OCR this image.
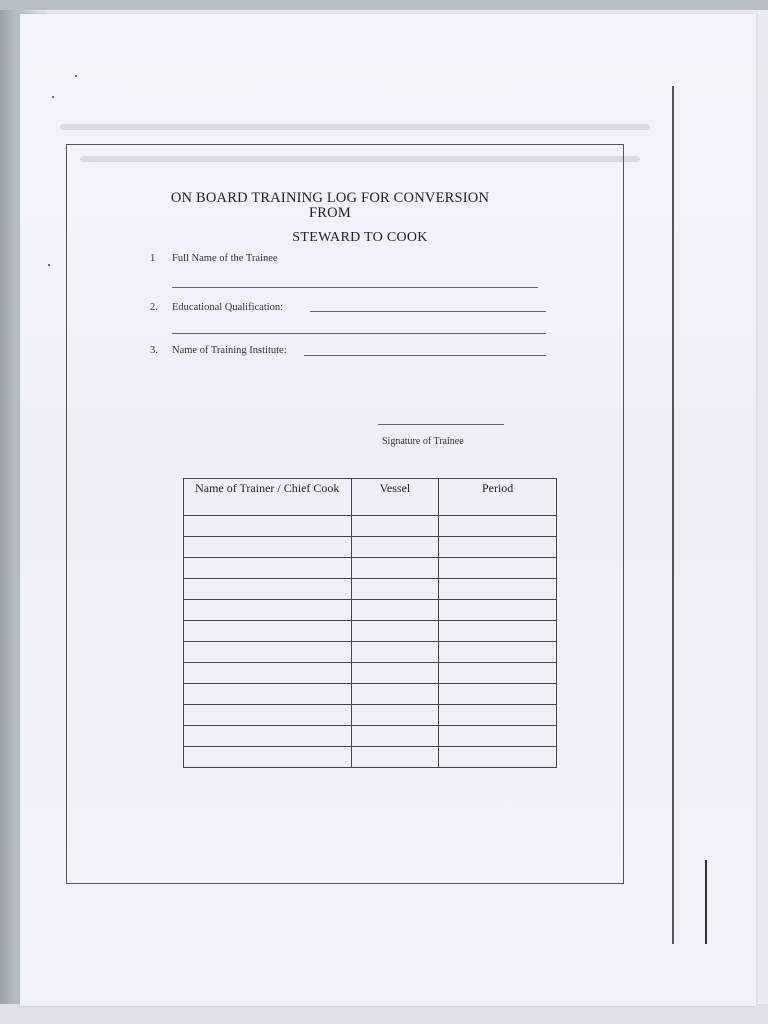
ON BOARD TRAINING LOG FOR CONVERSION
FROM
STEWARD TO COOK
1 Full Name of the Trainee
2. Educational Qualification:
3. Name of Training Institute:
Signature of Trainee
Name of Trainer / Chief Cook	Vessel	Period
